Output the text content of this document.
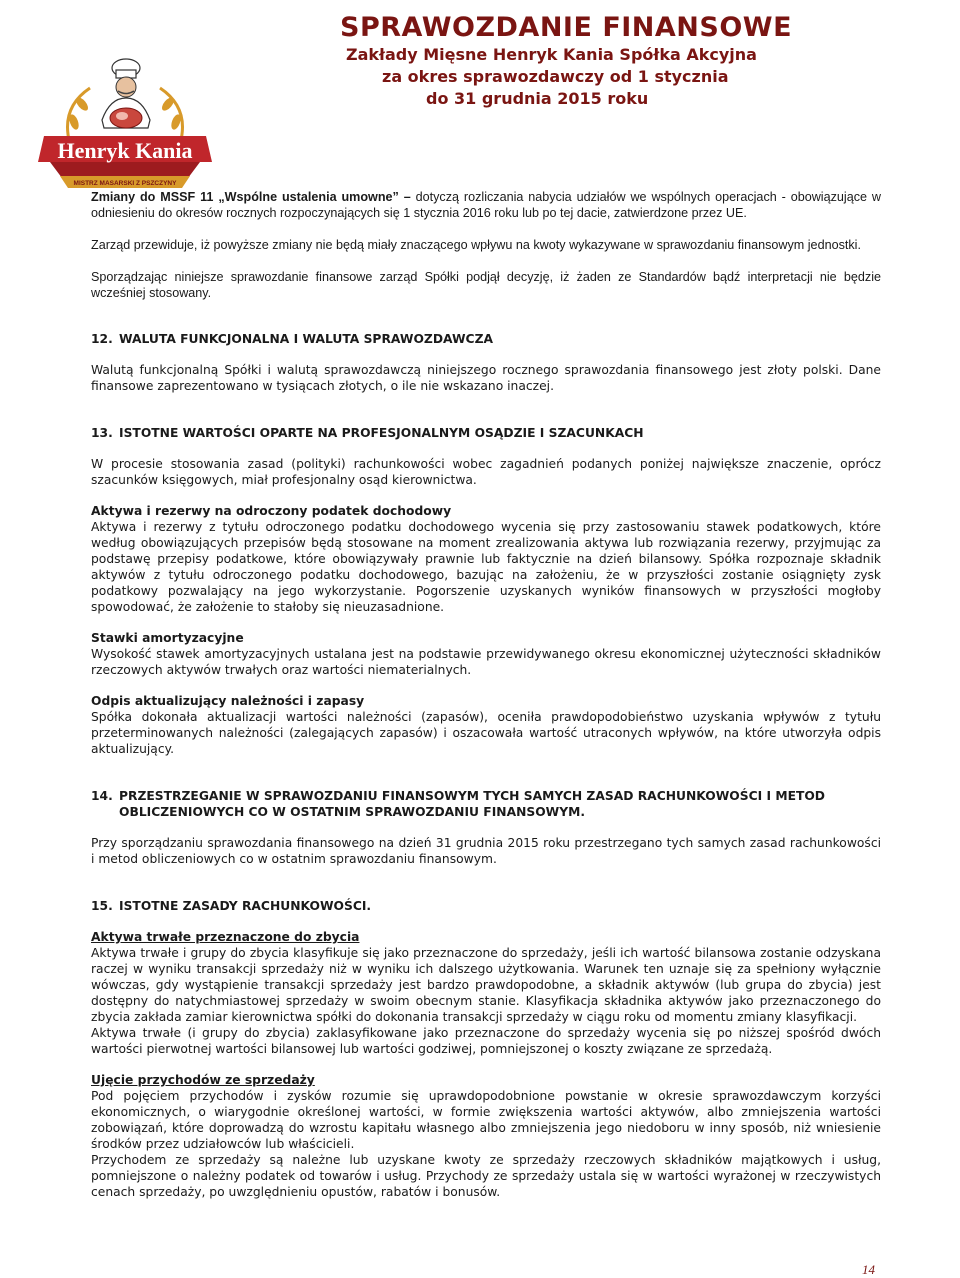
Henryk Kania
MISTRZ MASARSKI Z PSZCZYNY
SPRAWOZDANIE FINANSOWE
Zakłady Mięsne Henryk Kania Spółka Akcyjna
za okres sprawozdawczy od 1 stycznia
do 31 grudnia 2015 roku

Zmiany do MSSF 11 „Wspólne ustalenia umowne” – dotyczą rozliczania nabycia udziałów we wspólnych operacjach - obowiązujące w odniesieniu do okresów rocznych rozpoczynających się 1 stycznia 2016 roku lub po tej dacie, zatwierdzone przez UE.

Zarząd przewiduje, iż powyższe zmiany nie będą miały znaczącego wpływu na kwoty wykazywane w sprawozdaniu finansowym jednostki.

Sporządzając niniejsze sprawozdanie finansowe zarząd Spółki podjął decyzję, iż żaden ze Standardów bądź interpretacji nie będzie wcześniej stosowany.

12. WALUTA FUNKCJONALNA I WALUTA SPRAWOZDAWCZA

Walutą funkcjonalną Spółki i walutą sprawozdawczą niniejszego rocznego sprawozdania finansowego jest złoty polski. Dane finansowe zaprezentowano w tysiącach złotych, o ile nie wskazano inaczej.

13. ISTOTNE WARTOŚCI OPARTE NA PROFESJONALNYM OSĄDZIE I SZACUNKACH

W procesie stosowania zasad (polityki) rachunkowości wobec zagadnień podanych poniżej największe znaczenie, oprócz szacunków księgowych, miał profesjonalny osąd kierownictwa.

Aktywa i rezerwy na odroczony podatek dochodowy

Aktywa i rezerwy z tytułu odroczonego podatku dochodowego wycenia się przy zastosowaniu stawek podatkowych, które według obowiązujących przepisów będą stosowane na moment zrealizowania aktywa lub rozwiązania rezerwy, przyjmując za podstawę przepisy podatkowe, które obowiązywały prawnie lub faktycznie na dzień bilansowy. Spółka rozpoznaje składnik aktywów z tytułu odroczonego podatku dochodowego, bazując na założeniu, że w przyszłości zostanie osiągnięty zysk podatkowy pozwalający na jego wykorzystanie. Pogorszenie uzyskanych wyników finansowych w przyszłości mogłoby spowodować, że założenie to stałoby się nieuzasadnione.

Stawki amortyzacyjne

Wysokość stawek amortyzacyjnych ustalana jest na podstawie przewidywanego okresu ekonomicznej użyteczności składników rzeczowych aktywów trwałych oraz wartości niematerialnych.

Odpis aktualizujący należności i zapasy

Spółka dokonała aktualizacji wartości należności (zapasów), oceniła prawdopodobieństwo uzyskania wpływów z tytułu przeterminowanych należności (zalegających zapasów) i oszacowała wartość utraconych wpływów, na które utworzyła odpis aktualizujący.

14. PRZESTRZEGANIE W SPRAWOZDANIU FINANSOWYM TYCH SAMYCH ZASAD RACHUNKOWOŚCI I METOD
OBLICZENIOWYCH CO W OSTATNIM SPRAWOZDANIU FINANSOWYM.

Przy sporządzaniu sprawozdania finansowego na dzień 31 grudnia 2015 roku przestrzegano tych samych zasad rachunkowości i metod obliczeniowych co w ostatnim sprawozdaniu finansowym.

15. ISTOTNE ZASADY RACHUNKOWOŚCI.

Aktywa trwałe przeznaczone do zbycia

Aktywa trwałe i grupy do zbycia klasyfikuje się jako przeznaczone do sprzedaży, jeśli ich wartość bilansowa zostanie odzyskana raczej w wyniku transakcji sprzedaży niż w wyniku ich dalszego użytkowania. Warunek ten uznaje się za spełniony wyłącznie wówczas, gdy wystąpienie transakcji sprzedaży jest bardzo prawdopodobne, a składnik aktywów (lub grupa do zbycia) jest dostępny do natychmiastowej sprzedaży w swoim obecnym stanie. Klasyfikacja składnika aktywów jako przeznaczonego do zbycia zakłada zamiar kierownictwa spółki do dokonania transakcji sprzedaży w ciągu roku od momentu zmiany klasyfikacji.

Aktywa trwałe (i grupy do zbycia) zaklasyfikowane jako przeznaczone do sprzedaży wycenia się po niższej spośród dwóch wartości pierwotnej wartości bilansowej lub wartości godziwej, pomniejszonej o koszty związane ze sprzedażą.

Ujęcie przychodów ze sprzedaży

Pod pojęciem przychodów i zysków rozumie się uprawdopodobnione powstanie w okresie sprawozdawczym korzyści ekonomicznych, o wiarygodnie określonej wartości, w formie zwiększenia wartości aktywów, albo zmniejszenia wartości zobowiązań, które doprowadzą do wzrostu kapitału własnego albo zmniejszenia jego niedoboru w inny sposób, niż wniesienie środków przez udziałowców lub właścicieli.

Przychodem ze sprzedaży są należne lub uzyskane kwoty ze sprzedaży rzeczowych składników majątkowych i usług, pomniejszone o należny podatek od towarów i usług. Przychody ze sprzedaży ustala się w wartości wyrażonej w rzeczywistych cenach sprzedaży, po uwzględnieniu opustów, rabatów i bonusów.

14
